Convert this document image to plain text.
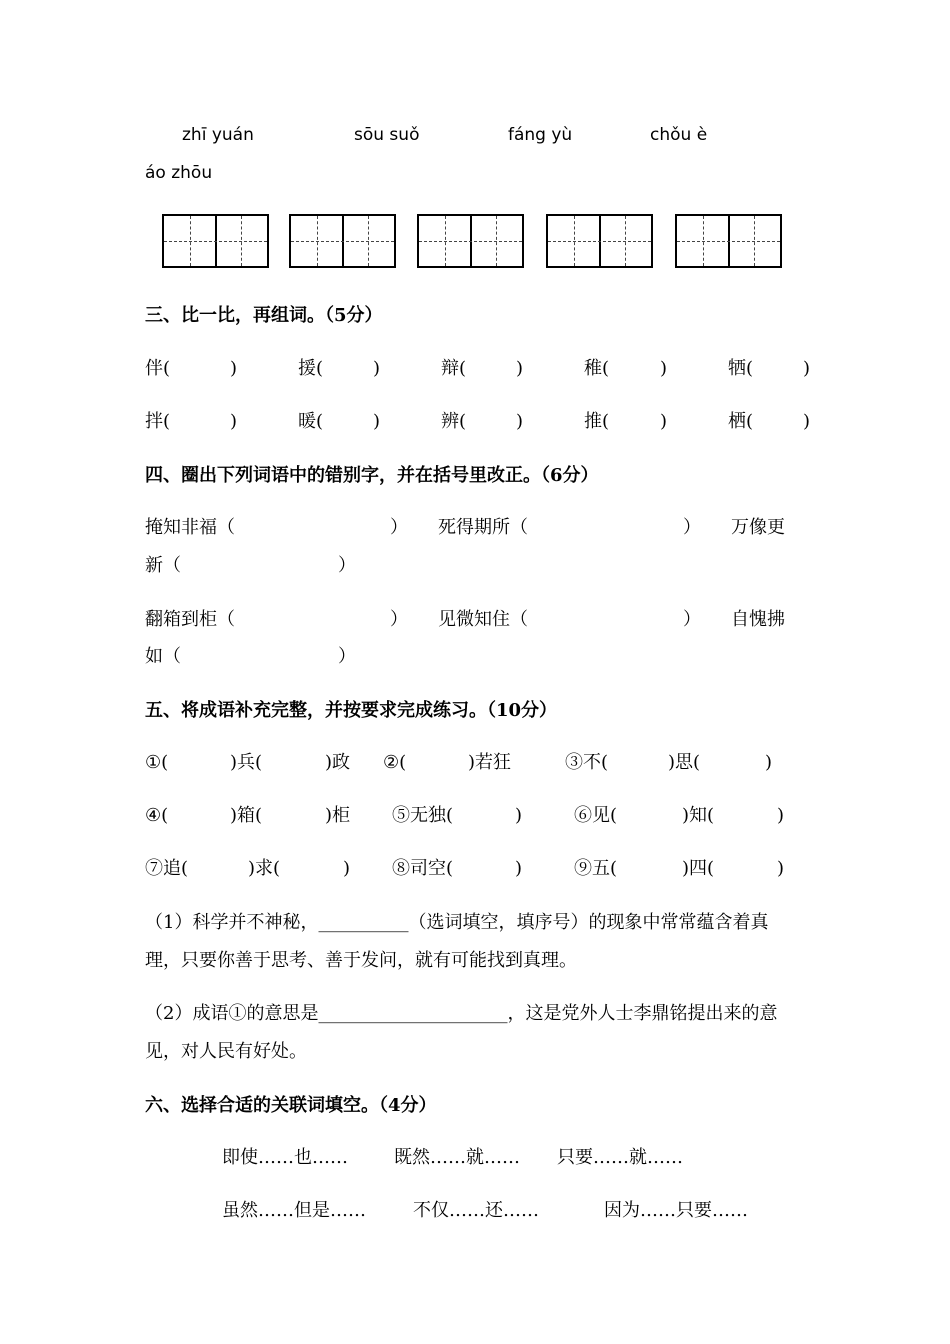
zhī yuán	sōu suǒ	fáng yù	chǒu è
áo zhōu
三、比一比，再组词。（5分）
伴(	)	援(	)	辩(	)	稚(	)	牺(	)
拌(	)	暖(	)	辨(	)	推(	)	栖(	)
四、圈出下列词语中的错别字，并在括号里改正。（6分）
掩知非福（	） 死得期所（	） 万像更
新（	）
翻箱到柜（	） 见微知住（	） 自愧拂
如（	）
五、将成语补充完整，并按要求完成练习。（10分）
①(	)兵(	)政 ②(	)若狂	③不(	)思(	)
④(	)箱(	)柜 ⑤无独(	)	⑥见(	)知(	)
⑦追(	)求(	) ⑧司空(	)	⑨五(	)四(	)
（1）科学并不神秘，__________（选词填空，填序号）的现象中常常蕴含着真
理，只要你善于思考、善于发问，就有可能找到真理。
（2）成语①的意思是_____________________，这是党外人士李鼎铭提出来的意
见，对人民有好处。
六、选择合适的关联词填空。（4分）
即使……也……	既然……就…… 只要……就……
虽然……但是……	不仅……还……	因为……只要……
